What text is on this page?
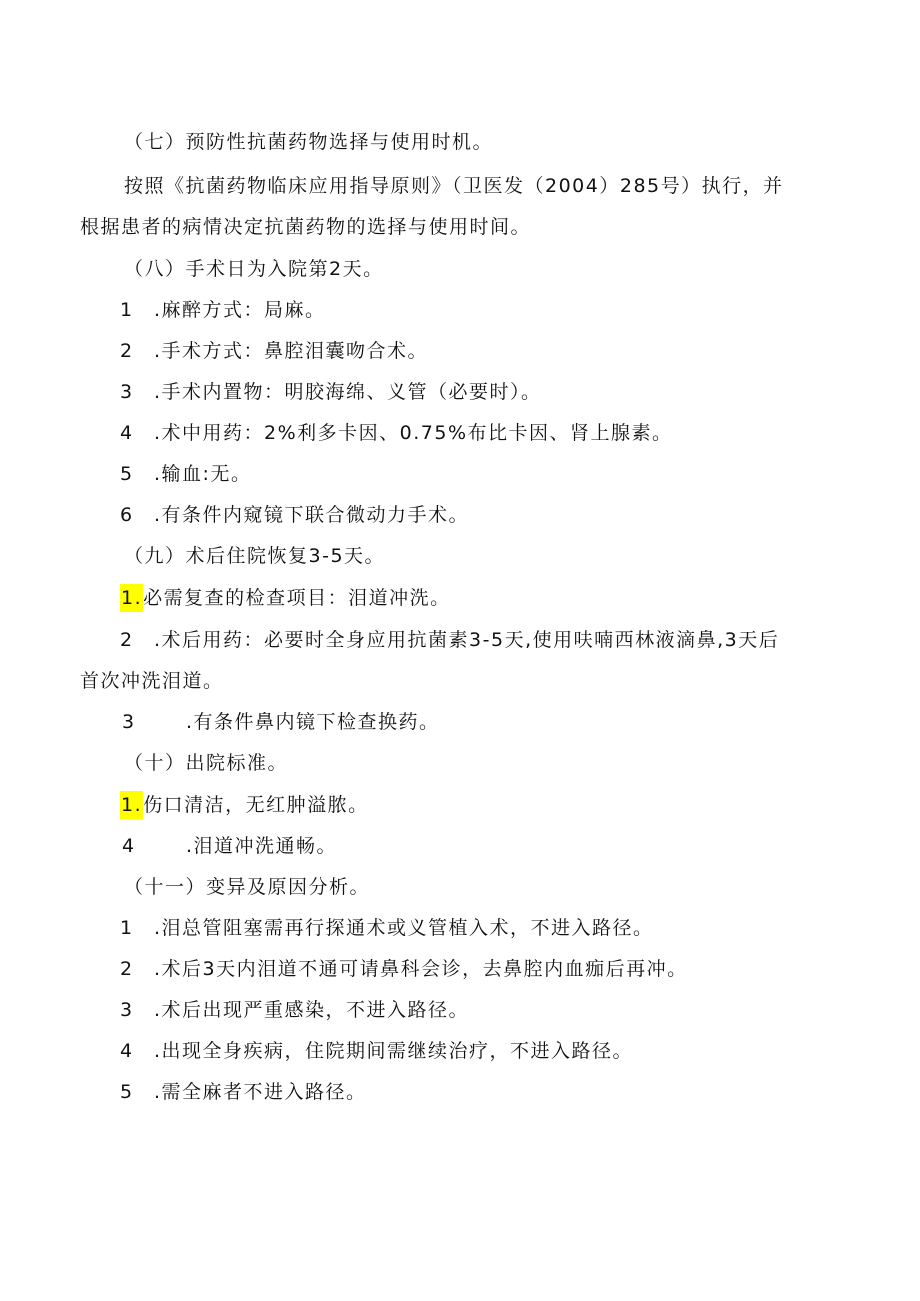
（七）预防性抗菌药物选择与使用时机。
按照《抗菌药物临床应用指导原则》（卫医发（2004）285号）执行，并
根据患者的病情决定抗菌药物的选择与使用时间。
（八）手术日为入院第2天。
1 .麻醉方式：局麻。
2 .手术方式：鼻腔泪囊吻合术。
3 .手术内置物：明胶海绵、义管（必要时）。
4 .术中用药：2%利多卡因、0.75%布比卡因、肾上腺素。
5 .输血:无。
6 .有条件内窥镜下联合微动力手术。
（九）术后住院恢复3-5天。
1.必需复查的检查项目：泪道冲洗。
2 .术后用药：必要时全身应用抗菌素3-5天,使用呋喃西林液滴鼻,3天后
首次冲洗泪道。
3	.有条件鼻内镜下检查换药。
（十）出院标准。
1.伤口清洁，无红肿溢脓。
4	.泪道冲洗通畅。
（十一）变异及原因分析。
1 .泪总管阻塞需再行探通术或义管植入术，不进入路径。
2 .术后3天内泪道不通可请鼻科会诊，去鼻腔内血痂后再冲。
3 .术后出现严重感染，不进入路径。
4 .出现全身疾病，住院期间需继续治疗，不进入路径。
5 .需全麻者不进入路径。
